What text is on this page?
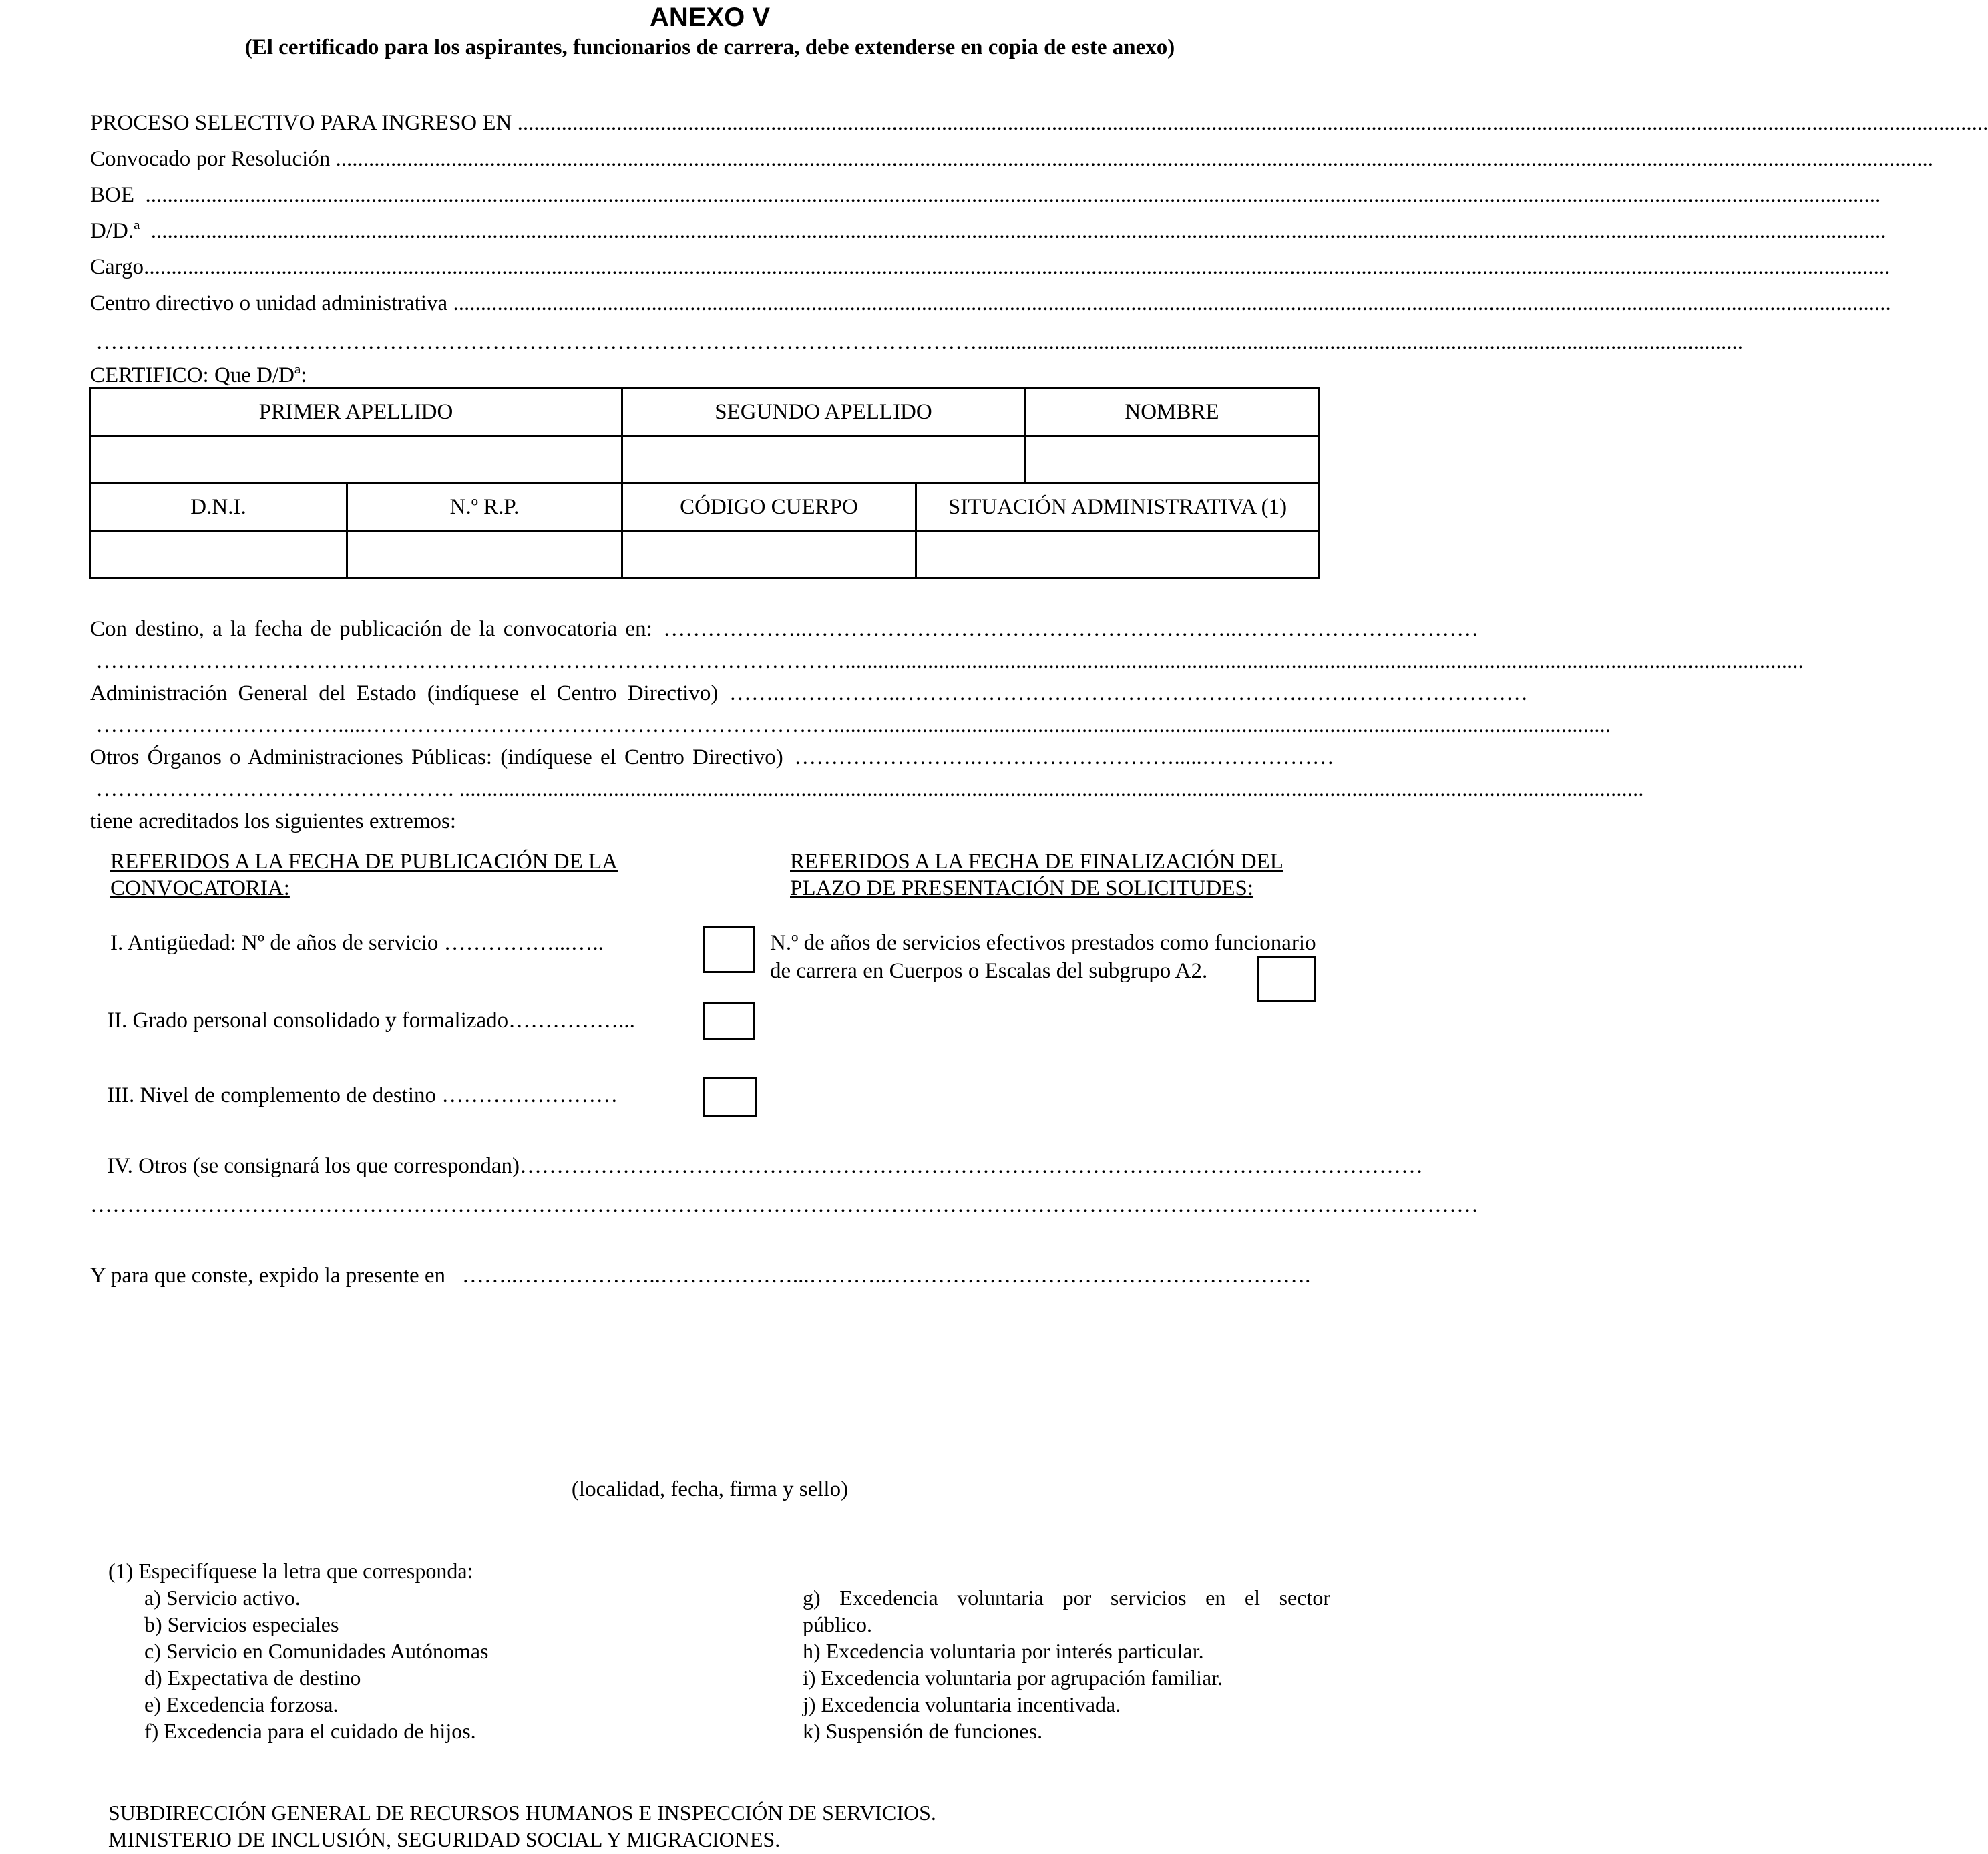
ANEXO V
(El certificado para los aspirantes, funcionarios de carrera, debe extenderse en copia de este anexo)
PROCESO SELECTIVO PARA INGRESO EN ...........................................................................................................................................................................................................................................................................
Convocado por Resolución ..................................................................................................................................................................................................................................................................................................
BOE ...........................................................................................................................................................................................................................................................................................................................
D/D.ª ...........................................................................................................................................................................................................................................................................................................................
Cargo .............................................................................................................................................................................................................................................................................................................................
Centro directivo o unidad administrativa .....................................................................................................................................................................................................................................................................
…………………………………………………………………………………………………………...........................................................................................................................................
CERTIFICO: Que D/Dª:
PRIMER APELLIDO	SEGUNDO APELLIDO	NOMBRE

D.N.I.	N.º R.P.	CÓDIGO CUERPO	SITUACIÓN ADMINISTRATIVA (1)

Con destino, a la fecha de publicación de la convocatoria en: ………………..…………………………………………………..……………………………
…………………………………………………………………………………………..............................................................................................................................................................................
Administración General del Estado (indíquese el Centro Directivo) …….……………..……………………………………………….…….……………………
…………………………….....…………………………………………………….….............................................................................................................................................
Otros Órganos o Administraciones Públicas: (indíquese el Centro Directivo) …………………….……………………….....………………
…………………………………………. .......................................................................................................................................................................................................................
tiene acreditados los siguientes extremos:
REFERIDOS A LA FECHA DE PUBLICACIÓN DE LA
CONVOCATORIA:
REFERIDOS A LA FECHA DE FINALIZACIÓN DEL
PLAZO DE PRESENTACIÓN DE SOLICITUDES:
I. Antigüedad: Nº de años de servicio ……………...…..	N.º de años de servicios efectivos prestados como funcionario
de carrera en Cuerpos o Escalas del subgrupo A2.
II. Grado personal consolidado y formalizado……………...
III. Nivel de complemento de destino ……………………
IV. Otros (se consignará los que correspondan) ……………………………………………………………………………………………………………
………………………………………………………………………………………………………………………………………………………………………
Y para que conste, expido la presente en ……..………………..………………...………..………………………………………………….
(localidad, fecha, firma y sello)
(1) Especifíquese la letra que corresponda:
a) Servicio activo.
b) Servicios especiales
c) Servicio en Comunidades Autónomas
d) Expectativa de destino
e) Excedencia forzosa.
f) Excedencia para el cuidado de hijos.
g) Excedencia voluntaria por servicios en el sector
público.
h) Excedencia voluntaria por interés particular.
i) Excedencia voluntaria por agrupación familiar.
j) Excedencia voluntaria incentivada.
k) Suspensión de funciones.
SUBDIRECCIÓN GENERAL DE RECURSOS HUMANOS E INSPECCIÓN DE SERVICIOS.
MINISTERIO DE INCLUSIÓN, SEGURIDAD SOCIAL Y MIGRACIONES.
